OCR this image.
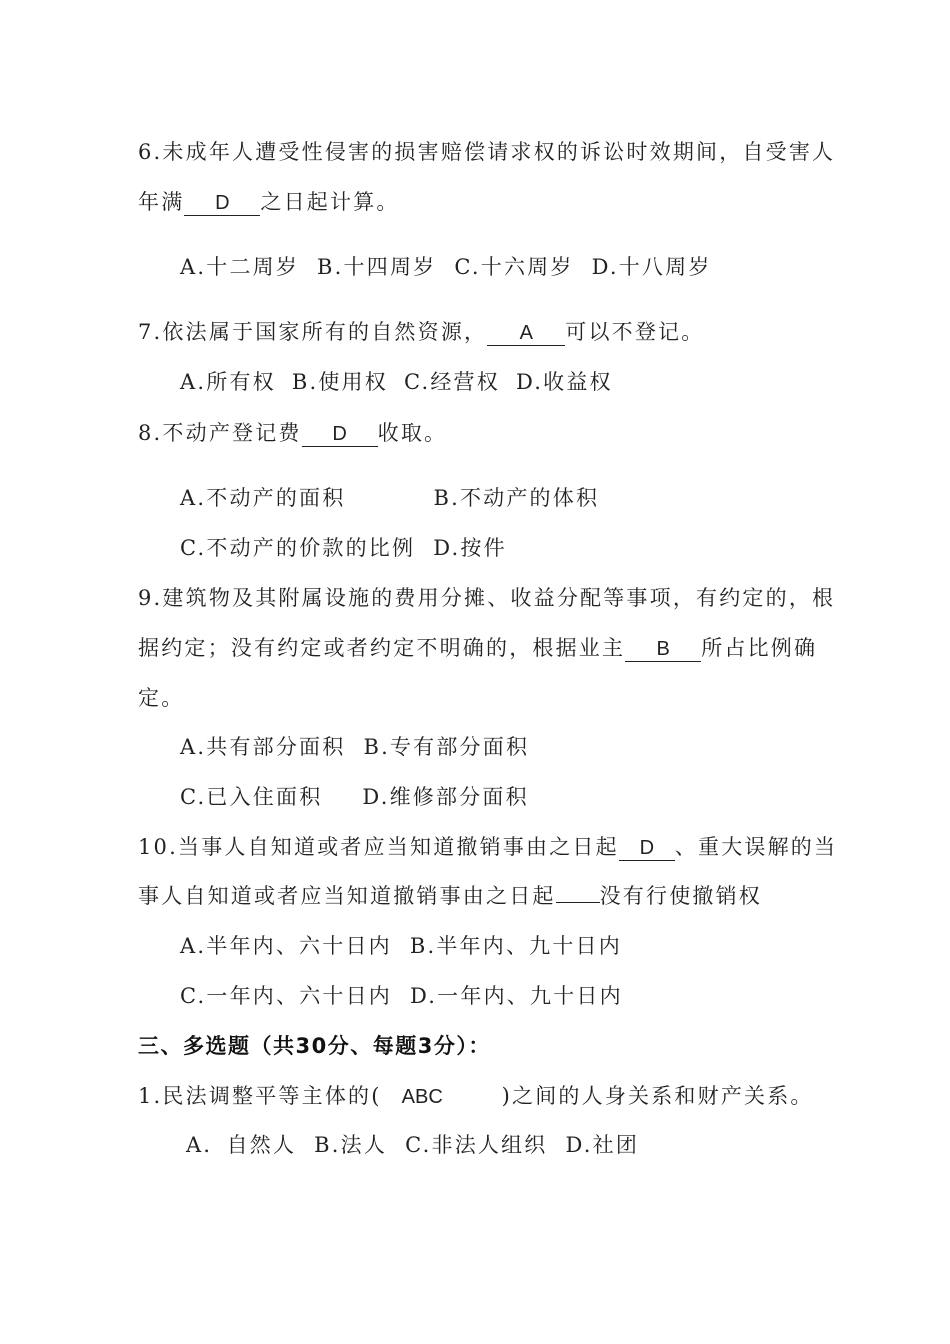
6.未成年人遭受性侵害的损害赔偿请求权的诉讼时效期间，自受害人
年满 D 之日起计算。
A.十二周岁 B.十四周岁 C.十六周岁 D.十八周岁
7.依法属于国家所有的自然资源， A 可以不登记。
A.所有权 B.使用权 C.经营权 D.收益权
8.不动产登记费 D 收取。
A.不动产的面积	B.不动产的体积
C.不动产的价款的比例 D.按件
9.建筑物及其附属设施的费用分摊、收益分配等事项，有约定的，根
据约定；没有约定或者约定不明确的，根据业主 B 所占比例确
定。
A.共有部分面积 B.专有部分面积
C.已入住面积 D.维修部分面积
10.当事人自知道或者应当知道撤销事由之日起 D 、重大误解的当
事人自知道或者应当知道撤销事由之日起 没有行使撤销权
A.半年内、六十日内 B.半年内、九十日内
C.一年内、六十日内 D.一年内、九十日内
三、多选题（共30分、每题3分）：
1.民法调整平等主体的( ABC	)之间的人身关系和财产关系。
A．自然人 B.法人 C.非法人组织 D.社团
